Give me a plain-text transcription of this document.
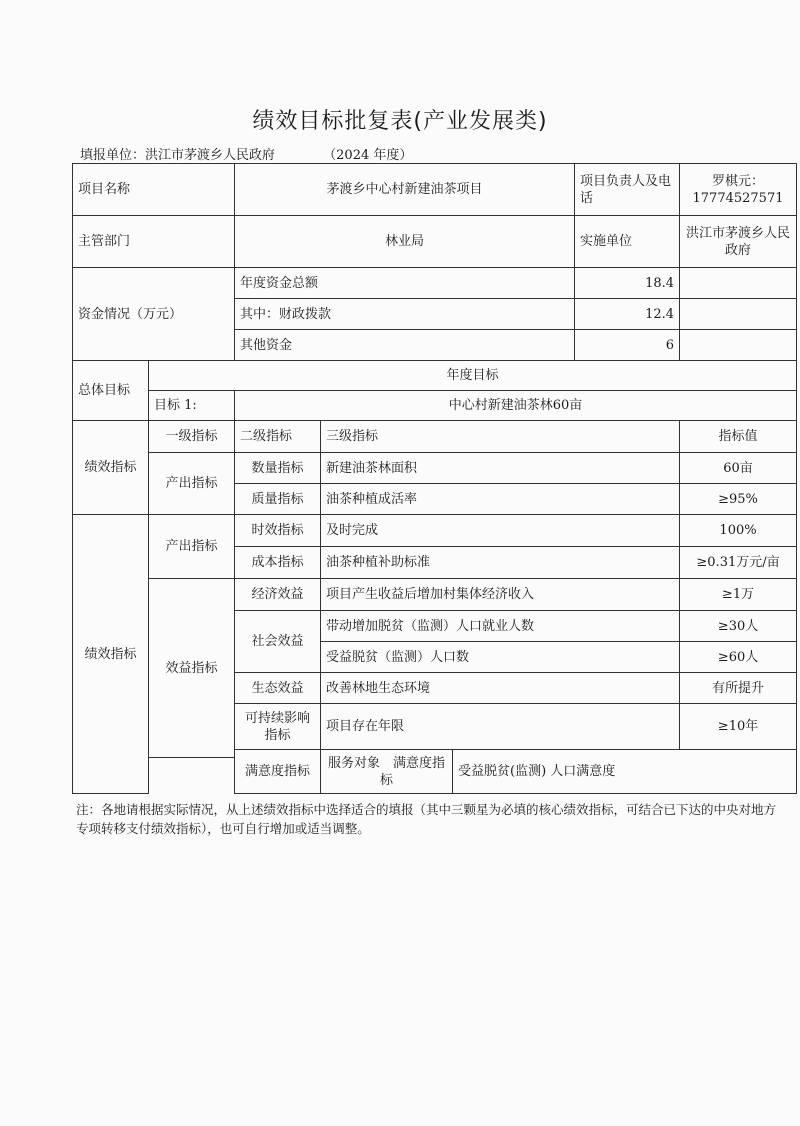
绩效目标批复表(产业发展类)
填报单位：洪江市茅渡乡人民政府	（2024 年度）
项目名称		茅渡乡中心村新建油茶项目			项目负责人及电话	罗棋元：17774527571	
主管部门		林业局			实施单位	洪江市茅渡乡人民政府	
资金情况（万元）		年度资金总额			18.4		
		其中：财政拨款			12.4		
		其他资金			6		
总体目标	年度目标						
	目标 1:	中心村新建油茶林60亩					
绩效指标	一级指标	二级指标	三级指标			指标值	
	产出指标	数量指标	新建油茶林面积			60亩	
		质量指标	油茶种植成活率			≥95%	
绩效指标	产出指标	时效指标	及时完成			100%	
		成本指标	油茶种植补助标准			≥0.31万元/亩	
	效益指标	经济效益	项目产生收益后增加村集体经济收入			≥1万	
		社会效益	带动增加脱贫（监测）人口就业人数			≥30人	
			受益脱贫（监测）人口数			≥60人	
		生态效益	改善林地生态环境			有所提升	
		可持续影响指标	项目存在年限			≥10年	
		满意度指标	服务对象　满意度指标	受益脱贫(监测) 人口满意度	

注：各地请根据实际情况，从上述绩效指标中选择适合的填报（其中三颗星为必填的核心绩效指标，可结合已下达的中央对地方专项转移支付绩效指标），也可自行增加或适当调整。
